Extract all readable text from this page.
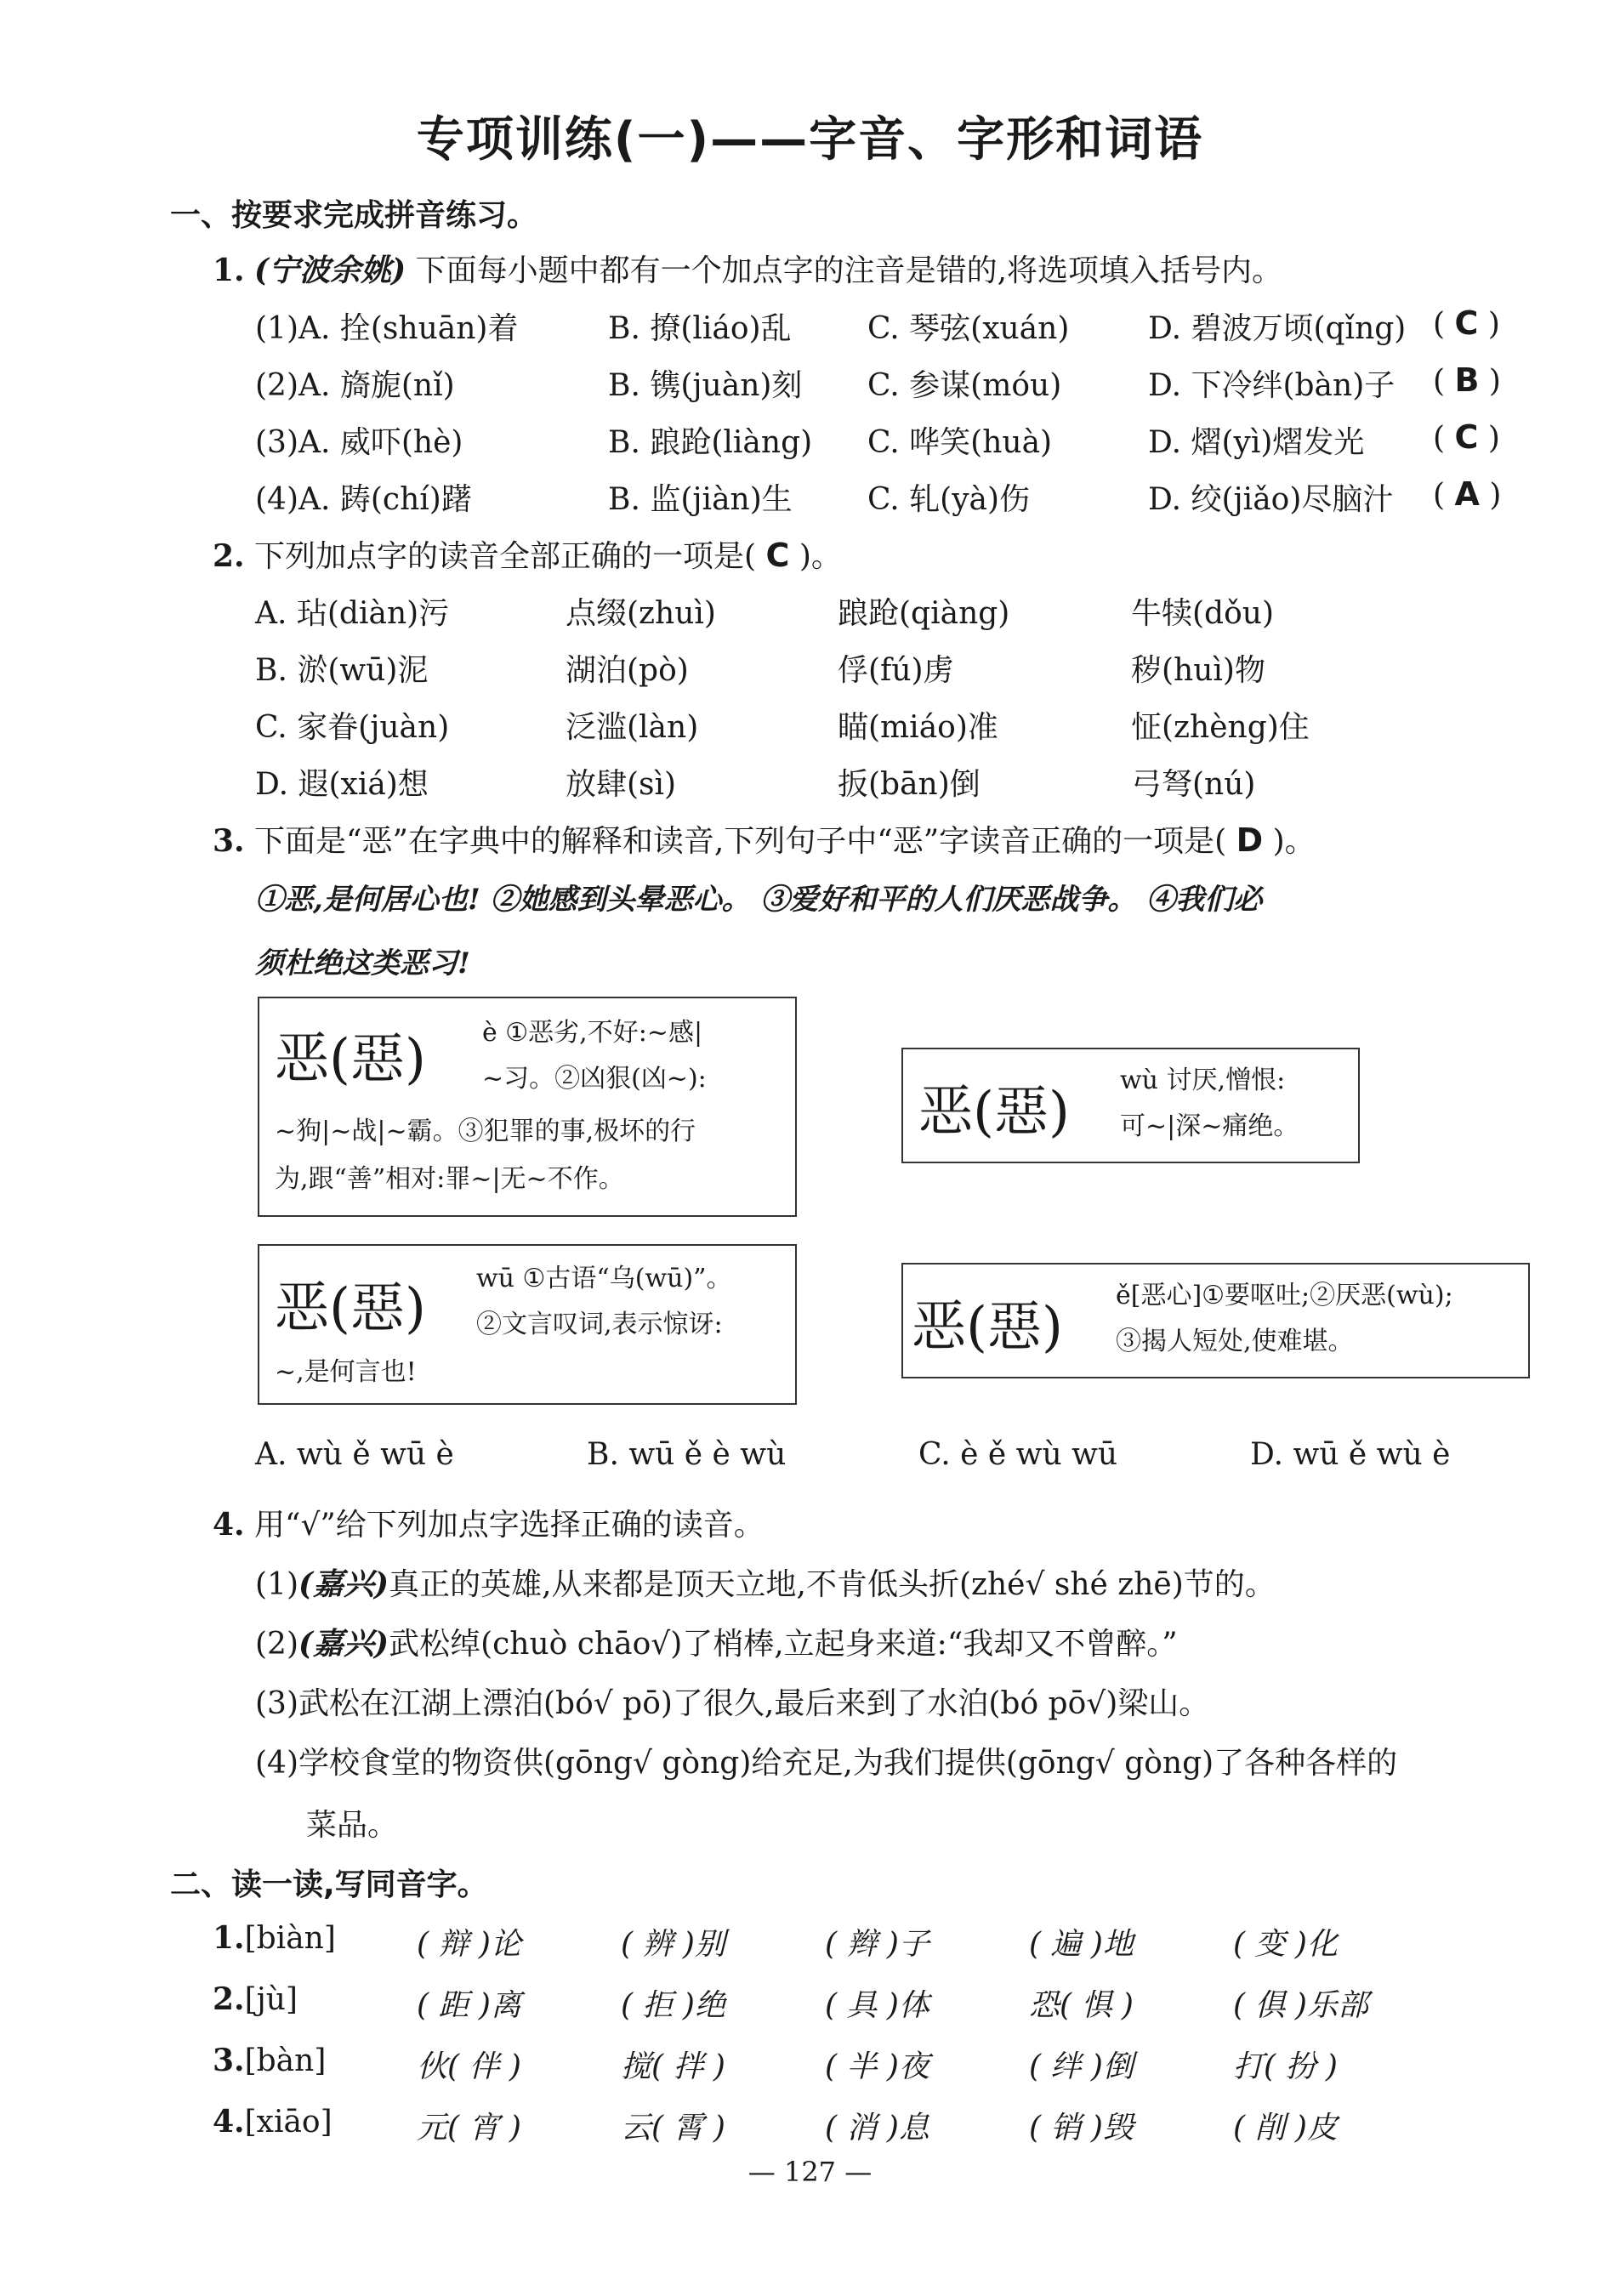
专项训练(一)——字音、字形和词语
一、按要求完成拼音练习。
1. (宁波余姚) 下面每小题中都有一个加点字的注音是错的,将选项填入括号内。
(1)A. 拴(shuān)着	B. 撩(liáo)乱 C. 琴弦(xuán)	D. 碧波万顷(qǐng) ( C )
(2)A. 旖旎(nǐ)	B. 镌(juàn)刻 C. 参谋(móu)	D. 下冷绊(bàn)子 ( B )
(3)A. 威吓(hè)	B. 踉跄(liàng) C. 哗笑(huà)	D. 熠(yì)熠发光 ( C )
(4)A. 踌(chí)躇	B. 监(jiàn)生 C. 轧(yà)伤	D. 绞(jiǎo)尽脑汁 ( A )
2. 下列加点字的读音全部正确的一项是( C )。
A. 玷(diàn)污	点缀(zhuì)	踉跄(qiàng)	牛犊(dǒu)
B. 淤(wū)泥	湖泊(pò)	俘(fú)虏	秽(huì)物
C. 家眷(juàn)	泛滥(làn)	瞄(miáo)准	怔(zhèng)住
D. 遐(xiá)想	放肆(sì)	扳(bān)倒	弓弩(nú)
3. 下面是“恶”在字典中的解释和读音,下列句子中“恶”字读音正确的一项是( D )。
①恶,是何居心也! ②她感到头晕恶心。 ③爱好和平的人们厌恶战争。 ④我们必
须杜绝这类恶习!
恶(惡) è ①恶劣,不好:~感|
~习。②凶狠(凶~):
~狗|~战|~霸。③犯罪的事,极坏的行
为,跟“善”相对:罪~|无~不作。
恶(惡)
wù 讨厌,憎恨:
可~|深~痛绝。
恶(惡) wū ①古语“乌(wū)”。
②文言叹词,表示惊讶:
~,是何言也!
恶(惡)
ě[恶心]①要呕吐;②厌恶(wù);
③揭人短处,使难堪。
A. wù ě wū è	B. wū ě è wù	C. è ě wù wū	D. wū ě wù è
4. 用“√”给下列加点字选择正确的读音。
(1)(嘉兴)真正的英雄,从来都是顶天立地,不肯低头折(zhé√ shé zhē)节的。
(2)(嘉兴)武松绰(chuò chāo√)了梢棒,立起身来道:“我却又不曾醉。”
(3)武松在江湖上漂泊(bó√ pō)了很久,最后来到了水泊(bó pō√)梁山。
(4)学校食堂的物资供(gōng√ gòng)给充足,为我们提供(gōng√ gòng)了各种各样的
菜品。
二、读一读,写同音字。
1.[biàn]	( 辩 )论	( 辨 )别	( 辫 )子	( 遍 )地	( 变 )化
2.[jù]	( 距 )离	( 拒 )绝	( 具 )体	恐( 惧 )	( 俱 )乐部
3.[bàn]	伙( 伴 )	搅( 拌 )	( 半 )夜	( 绊 )倒	打( 扮 )
4.[xiāo]	元( 宵 )	云( 霄 )	( 消 )息	( 销 )毁	( 削 )皮
— 127 —
